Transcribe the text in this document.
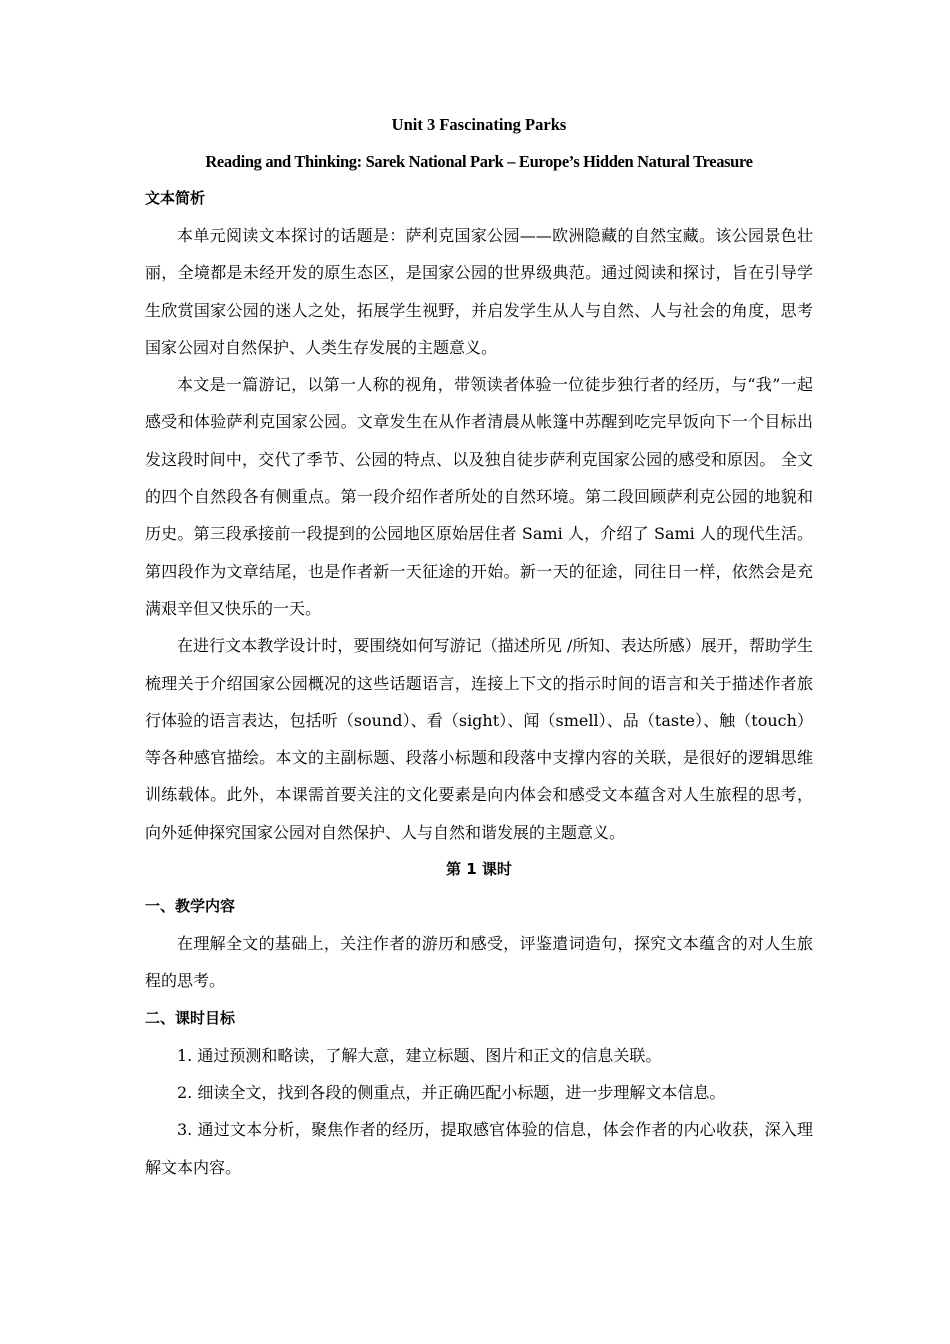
Unit 3 Fascinating Parks
Reading and Thinking: Sarek National Park – Europe’s Hidden Natural Treasure
文本简析

本单元阅读文本探讨的话题是：萨利克国家公园——欧洲隐藏的自然宝藏。该公园景色壮丽，全境都是未经开发的原生态区，是国家公园的世界级典范。通过阅读和探讨，旨在引导学生欣赏国家公园的迷人之处，拓展学生视野，并启发学生从人与自然、人与社会的角度，思考国家公园对自然保护、人类生存发展的主题意义。

本文是一篇游记，以第一人称的视角，带领读者体验一位徒步独行者的经历，与“我”一起感受和体验萨利克国家公园。文章发生在从作者清晨从帐篷中苏醒到吃完早饭向下一个目标出发这段时间中，交代了季节、公园的特点、以及独自徒步萨利克国家公园的感受和原因。 全文的四个自然段各有侧重点。第一段介绍作者所处的自然环境。第二段回顾萨利克公园的地貌和历史。第三段承接前一段提到的公园地区原始居住者 Sami 人，介绍了 Sami 人的现代生活。第四段作为文章结尾，也是作者新一天征途的开始。新一天的征途，同往日一样，依然会是充满艰辛但又快乐的一天。

在进行文本教学设计时，要围绕如何写游记（描述所见 /所知、表达所感）展开，帮助学生梳理关于介绍国家公园概况的这些话题语言，连接上下文的指示时间的语言和关于描述作者旅行体验的语言表达，包括听（sound）、看（sight）、闻（smell）、品（taste）、触（touch）等各种感官描绘。本文的主副标题、段落小标题和段落中支撑内容的关联，是很好的逻辑思维训练载体。此外，本课需首要关注的文化要素是向内体会和感受文本蕴含对人生旅程的思考，向外延伸探究国家公园对自然保护、人与自然和谐发展的主题意义。

第 1 课时
一、教学内容

在理解全文的基础上，关注作者的游历和感受，评鉴遣词造句，探究文本蕴含的对人生旅程的思考。

二、课时目标

1. 通过预测和略读，了解大意，建立标题、图片和正文的信息关联。

2. 细读全文，找到各段的侧重点，并正确匹配小标题，进一步理解文本信息。

3. 通过文本分析，聚焦作者的经历，提取感官体验的信息，体会作者的内心收获，深入理解文本内容。
